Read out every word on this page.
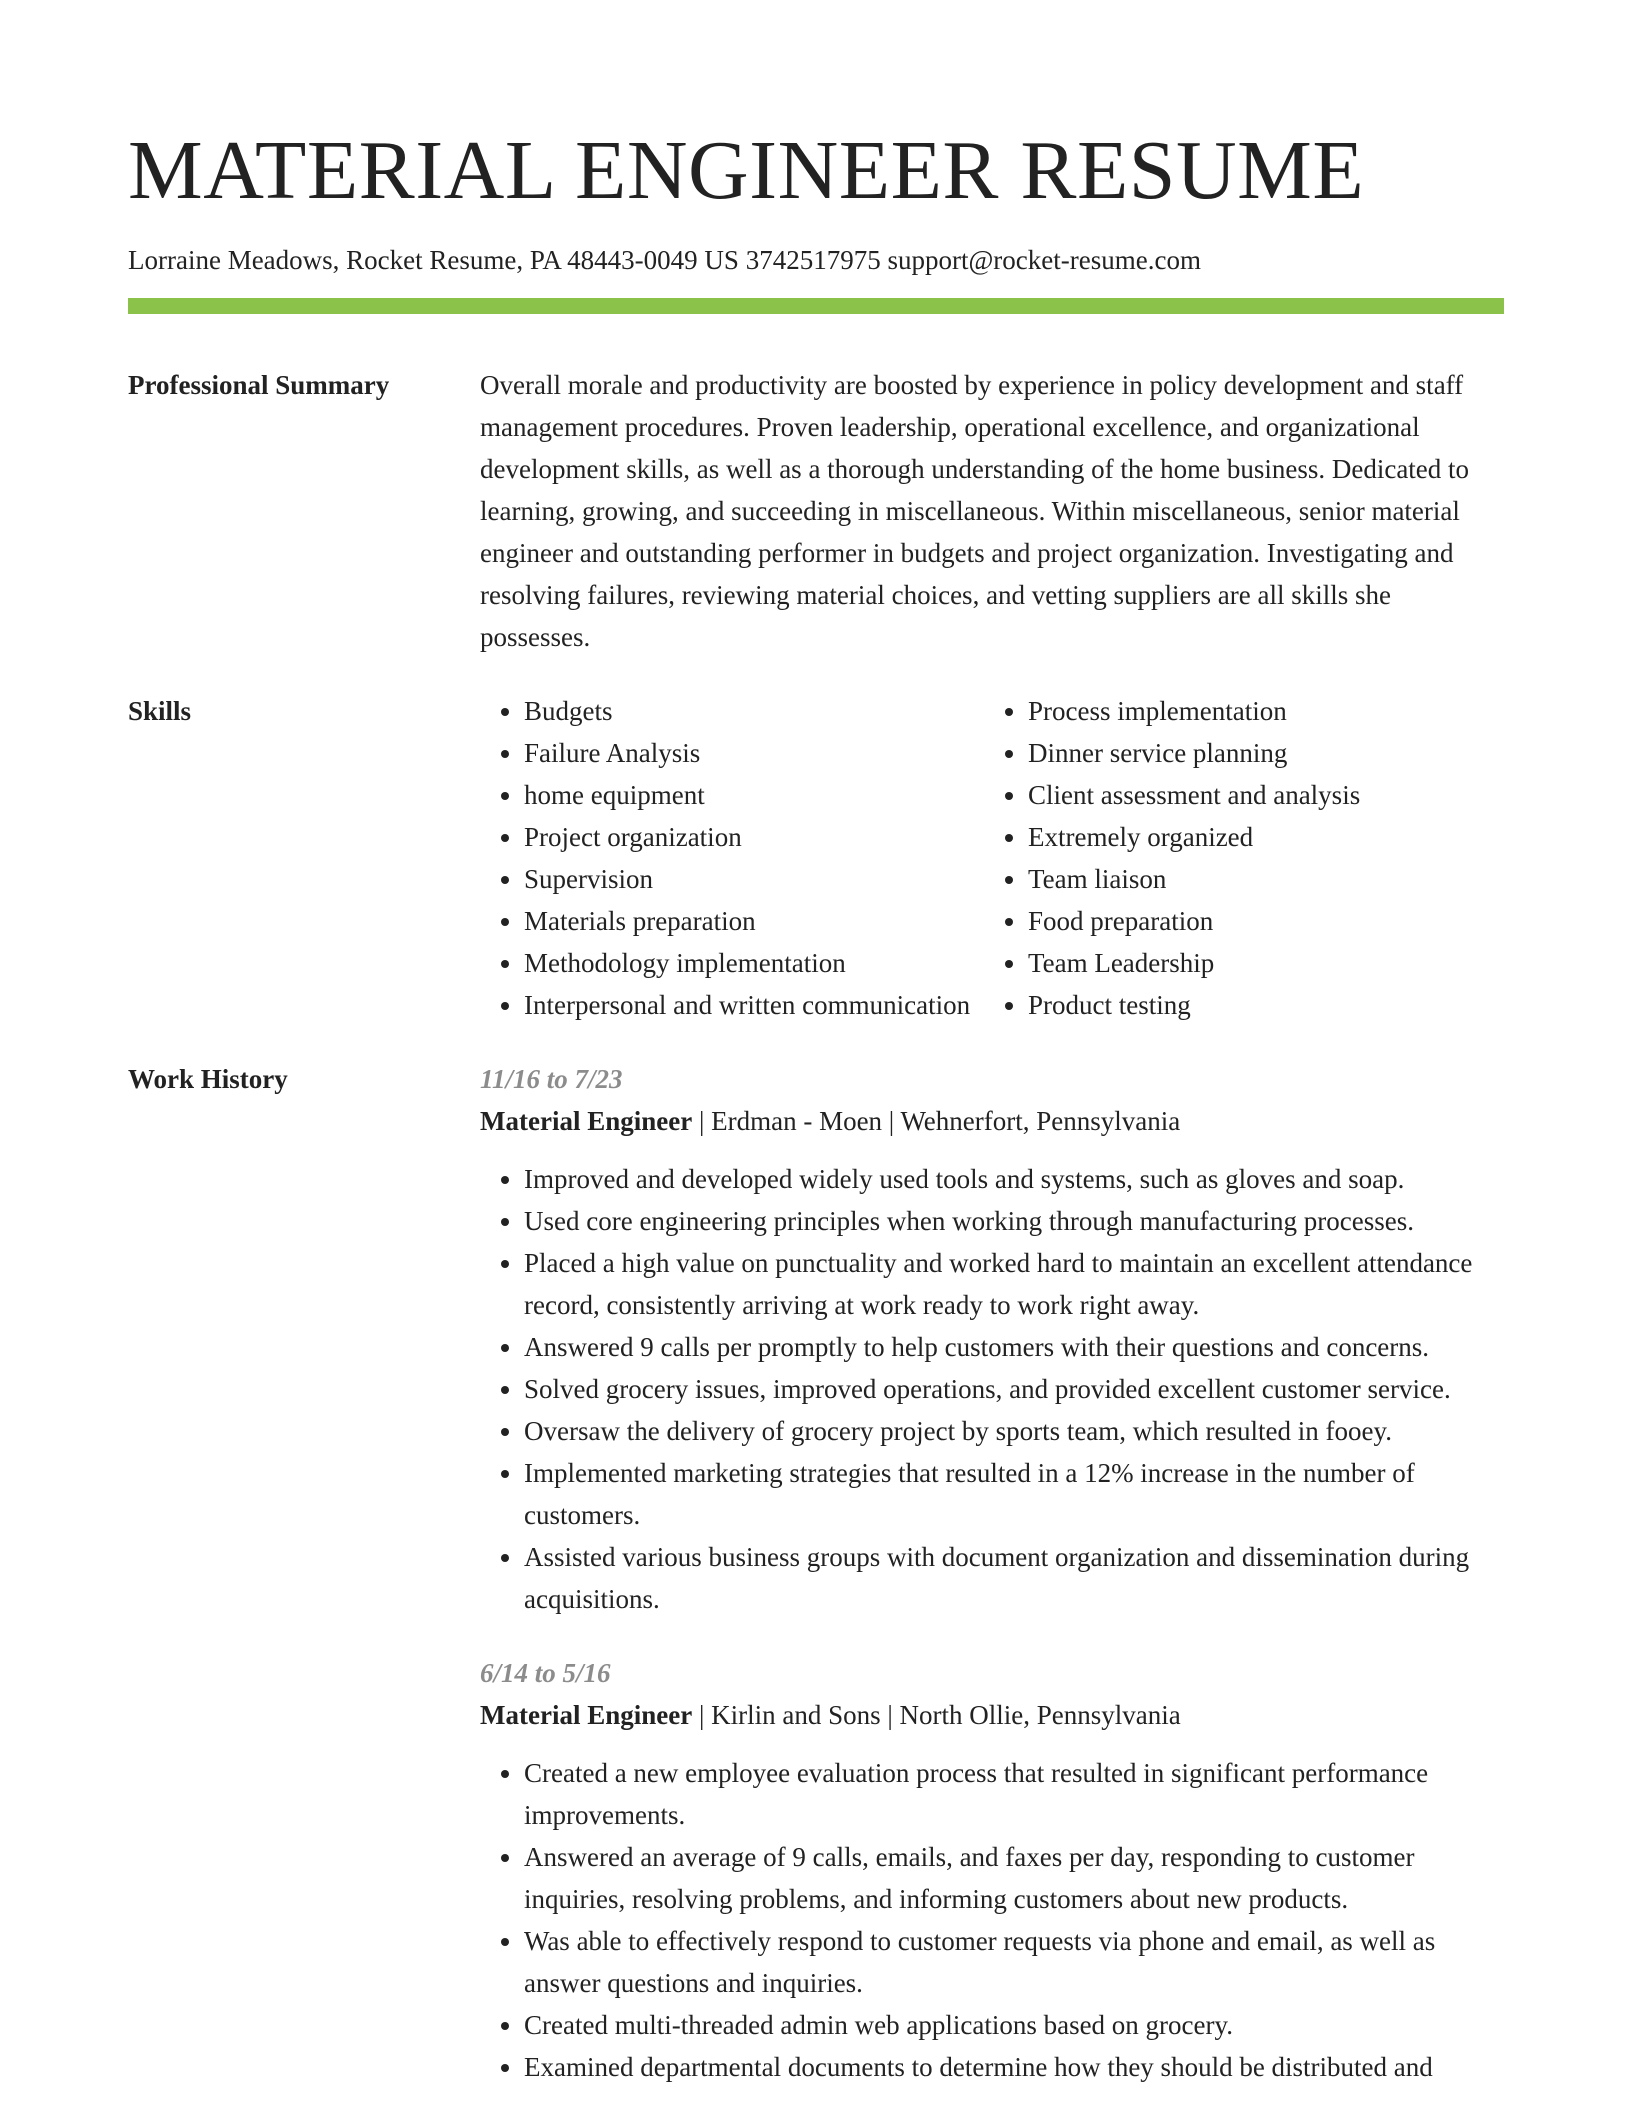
MATERIAL ENGINEER RESUME
Lorraine Meadows, Rocket Resume, PA 48443-0049 US 3742517975 support@rocket-resume.com
Professional Summary	Overall morale and productivity are boosted by experience in policy development and staff management procedures. Proven leadership, operational excellence, and organizational development skills, as well as a thorough understanding of the home business. Dedicated to learning, growing, and succeeding in miscellaneous. Within miscellaneous, senior material engineer and outstanding performer in budgets and project organization. Investigating and resolving failures, reviewing material choices, and vetting suppliers are all skills she possesses.

Skills
•	Budgets
• Failure Analysis
• home equipment
• Project organization
• Supervision
• Materials preparation
• Methodology implementation
• Interpersonal and written communication
• Process implementation
• Dinner service planning
• Client assessment and analysis
• Extremely organized
• Team liaison
• Food preparation
• Team Leadership
• Product testing
Work History	11/16 to 7/23
Material Engineer | Erdman - Moen | Wehnerfort, Pennsylvania
• Improved and developed widely used tools and systems, such as gloves and soap.
• Used core engineering principles when working through manufacturing processes.
• Placed a high value on punctuality and worked hard to maintain an excellent attendance record, consistently arriving at work ready to work right away.
• Answered 9 calls per promptly to help customers with their questions and concerns.
• Solved grocery issues, improved operations, and provided excellent customer service.
• Oversaw the delivery of grocery project by sports team, which resulted in fooey.
• Implemented marketing strategies that resulted in a 12% increase in the number of customers.
• Assisted various business groups with document organization and dissemination during acquisitions.
6/14 to 5/16
Material Engineer | Kirlin and Sons | North Ollie, Pennsylvania
• Created a new employee evaluation process that resulted in significant performance improvements.
• Answered an average of 9 calls, emails, and faxes per day, responding to customer inquiries, resolving problems, and informing customers about new products.
• Was able to effectively respond to customer requests via phone and email, as well as answer questions and inquiries.
• Created multi-threaded admin web applications based on grocery.
• Examined departmental documents to determine how they should be distributed and
